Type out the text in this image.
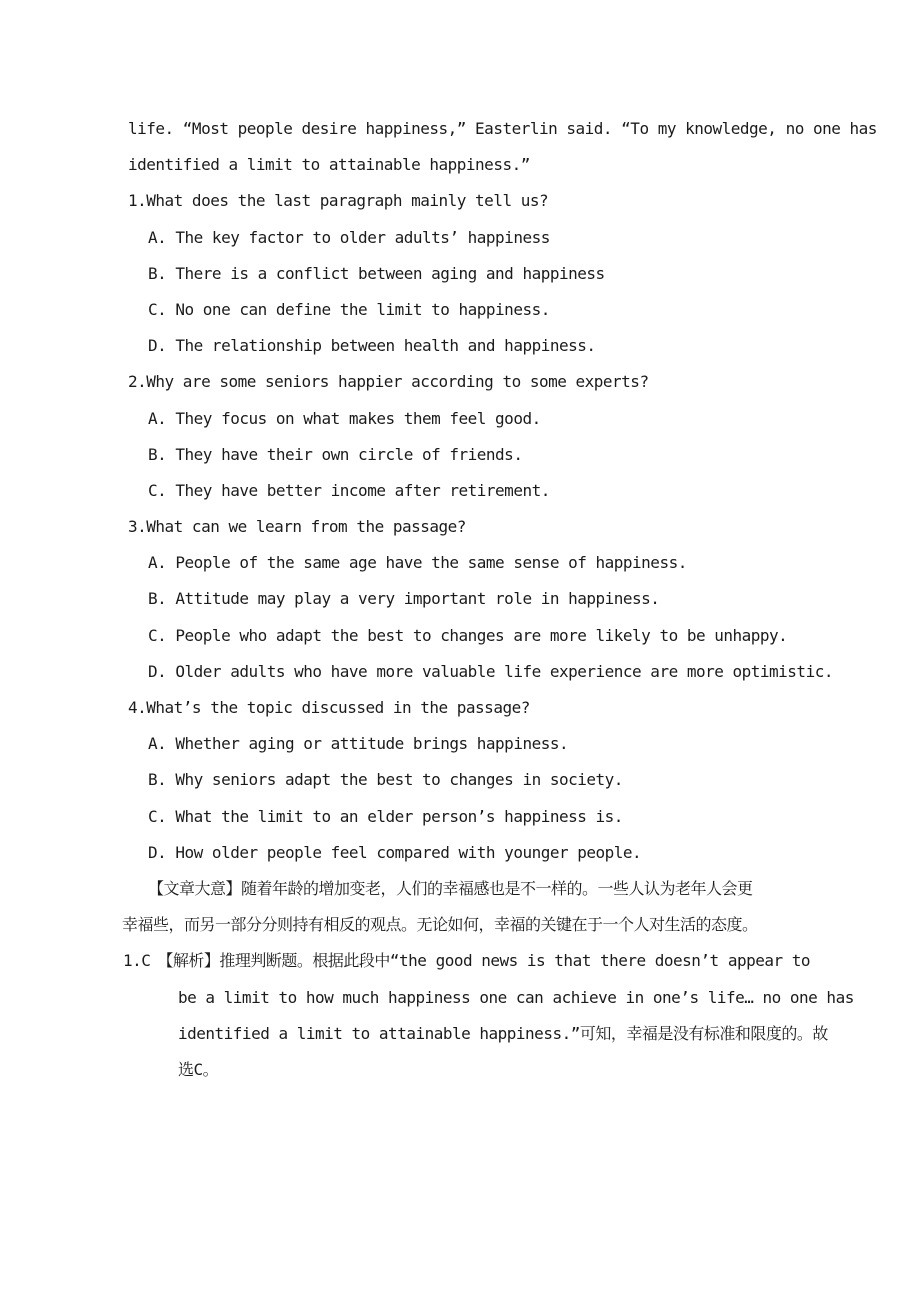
life. “Most people desire happiness,” Easterlin said. “To my knowledge, no one has
identified a limit to attainable happiness.”
1.What does the last paragraph mainly tell us?
A. The key factor to older adults’ happiness
B. There is a conflict between aging and happiness
C. No one can define the limit to happiness.
D. The relationship between health and happiness.
2.Why are some seniors happier according to some experts?
A. They focus on what makes them feel good.
B. They have their own circle of friends.
C. They have better income after retirement.
3.What can we learn from the passage?
A. People of the same age have the same sense of happiness.
B. Attitude may play a very important role in happiness.
C. People who adapt the best to changes are more likely to be unhappy.
D. Older adults who have more valuable life experience are more optimistic.
4.What’s the topic discussed in the passage?
A. Whether aging or attitude brings happiness.
B. Why seniors adapt the best to changes in society.
C. What the limit to an elder person’s happiness is.
D. How older people feel compared with younger people.
【文章大意】随着年龄的增加变老，人们的幸福感也是不一样的。一些人认为老年人会更
幸福些，而另一部分分则持有相反的观点。无论如何，幸福的关键在于一个人对生活的态度。
1.C 【解析】推理判断题。根据此段中“the good news is that there doesn’t appear to
be a limit to how much happiness one can achieve in one’s life… no one has
identified a limit to attainable happiness.”可知，幸福是没有标准和限度的。故
选C。
